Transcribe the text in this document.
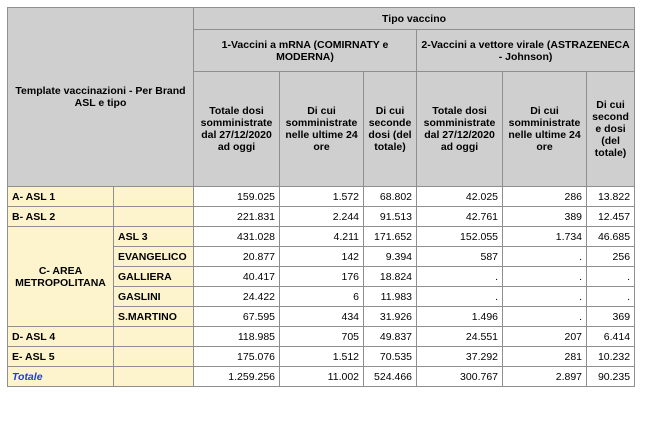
Template vaccinazioni - Per Brand ASL e tipo		Tipo vaccino					
		1-Vaccini a mRNA (COMIRNATY e MODERNA)			2-Vaccini a vettore virale (ASTRAZENECA - Johnson)		
		Totale dosi somministrate dal 27/12/2020 ad oggi	Di cui somministrate nelle ultime 24 ore	Di cui seconde dosi (del totale)	Totale dosi somministrate dal 27/12/2020 ad oggi	Di cui somministrate nelle ultime 24 ore	Di cui second e dosi (del totale)
A- ASL 1		159.025	1.572	68.802	42.025	286	13.822
B- ASL 2		221.831	2.244	91.513	42.761	389	12.457
C- AREA METROPOLITANA	ASL 3	431.028	4.211	171.652	152.055	1.734	46.685
	EVANGELICO	20.877	142	9.394	587	.	256
	GALLIERA	40.417	176	18.824	.	.	.
	GASLINI	24.422	6	11.983	.	.	.
	S.MARTINO	67.595	434	31.926	1.496	.	369
D- ASL 4		118.985	705	49.837	24.551	207	6.414
E- ASL 5		175.076	1.512	70.535	37.292	281	10.232
Totale		1.259.256	11.002	524.466	300.767	2.897	90.235
